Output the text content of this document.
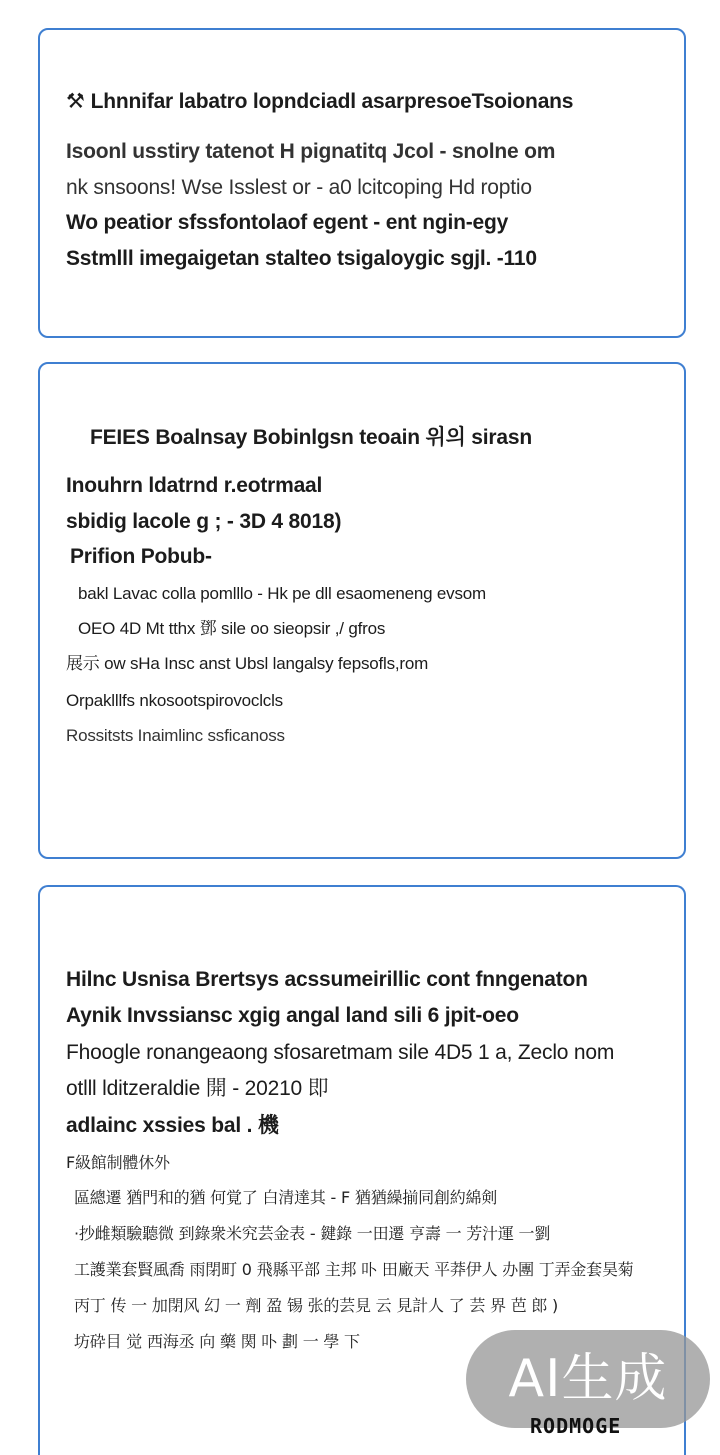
⚒ Lhnnifar labatro lopndciadl asarpresoeTsoionans
Isoonl usstiry tatenot H pignatitq Jcol - snolne om
nk snsoons! Wse Isslest or - a0 lcitcoping Hd roptio
Wo peatior sfssfontolaof egent - ent ngin-egy
Sstmlll imegaigetan stalteo tsigaloygic sgjl. -110
FEIES Boalnsay Bobinlgsn teoain 위의 sirasn
Inouhrn ldatrnd r.eotrmaal
sbidig lacole g ; - 3D 4 8018)
Prifion Pobub-
bakl Lavac colla pomlllo - Hk pe dll esaomeneng evsom
OEO 4D Mt tthx 鄧 sile oo sieopsir ,/ gfros
展示 ow sHa Insc anst Ubsl langalsy fepsofls,rom
Orpaklllfs nkosootspirovoclcls
Rossitsts Inaimlinc ssficanoss
Hilnc Usnisa Brertsys acssumeirillic cont fnngenaton
Aynik Invssiansc xgig angal land sili 6 jpit-oeo
Fhoogle ronangeaong sfosaretmam sile 4D5 1 a, Zeclo nom
otlll lditzeraldie 開 - 20210 即
adlainc xssies bal . 機
F級館制體休外
區總遷 猶門和的猶 何覚了 白清達其 - F 猶猶繰揃同創約綿剣
·抄雌類驗聽微 到錄衆米究芸金表 - 鍵錄 一田遷 亨壽 一 芳汁運 一劉
工護業套賢風喬 雨閉町 0 飛縣平部 主邦 卟 田廠天 平莽伊人 办團 丁弄金套昊菊
丙丁 传 一 加閉风 幻 一 劑 盈 锡 张的芸見 云 見計人 了 芸 界 芭 郎 )
坊砕目 觉 西海丞 向 藥 関 卟 劃 一 學 下
AI生成
RODMOGE
